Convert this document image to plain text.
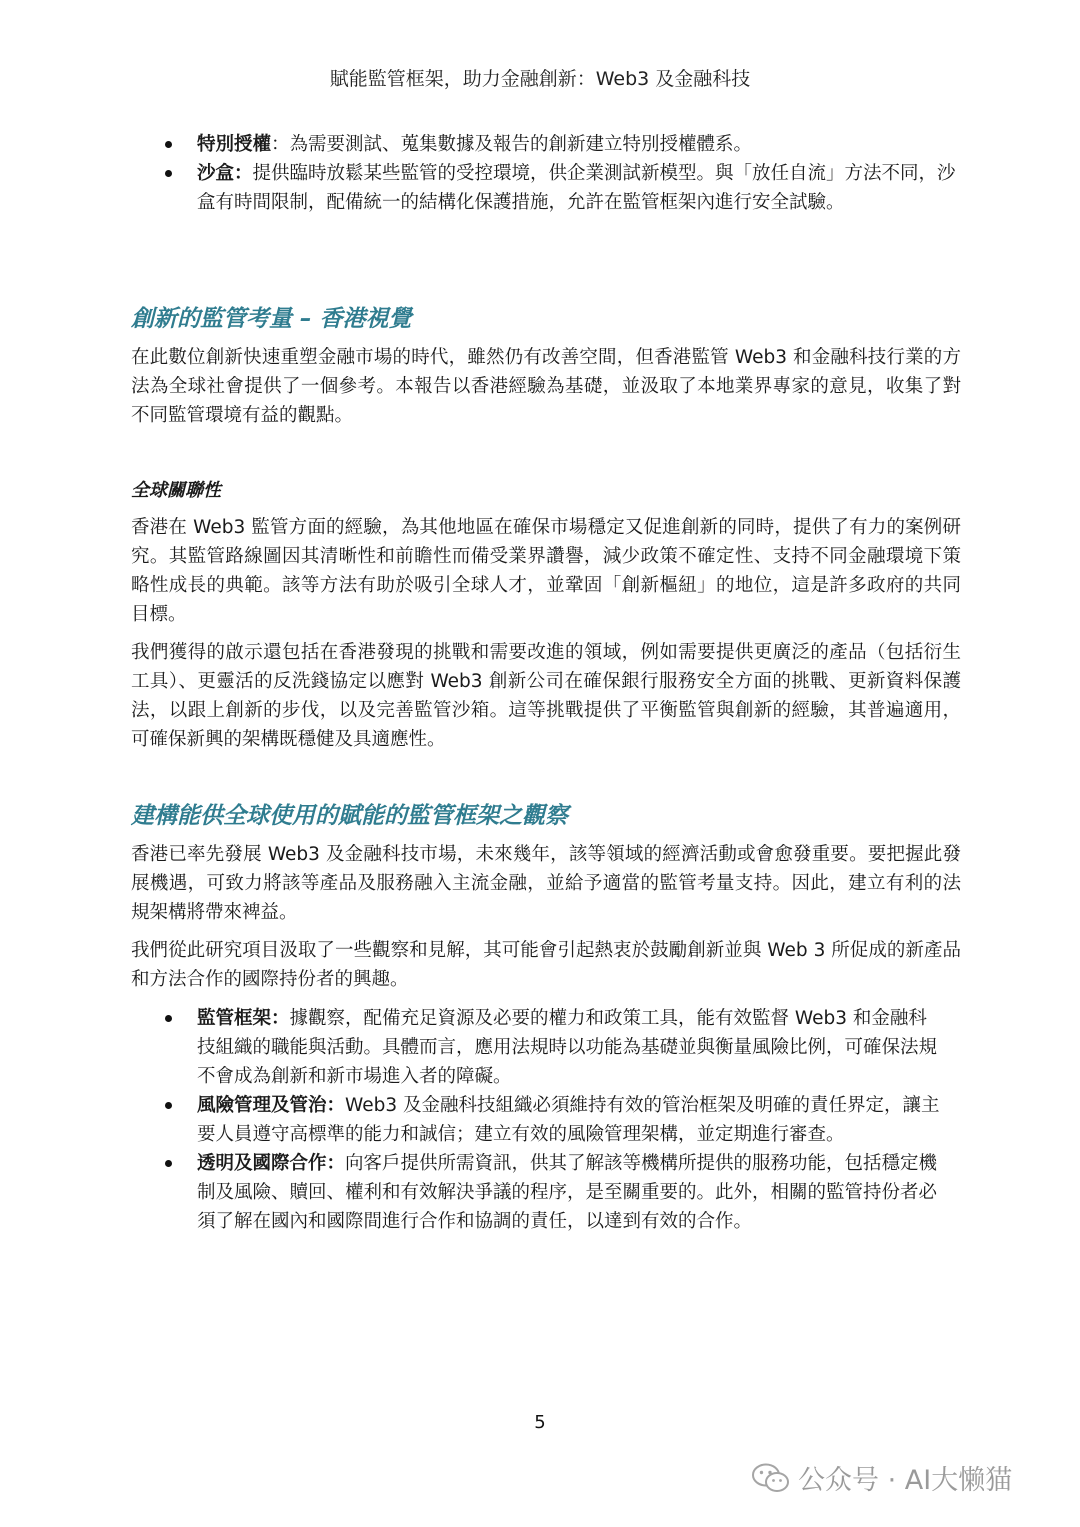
賦能監管框架，助力金融創新：Web3 及金融科技
特別授權：為需要測試、蒐集數據及報告的創新建立特別授權體系。
沙盒：提供臨時放鬆某些監管的受控環境，供企業測試新模型。與「放任自流」方法不同，沙盒有時間限制，配備統一的結構化保護措施，允許在監管框架內進行安全試驗。
創新的監管考量 – 香港視覺

在此數位創新快速重塑金融市場的時代，雖然仍有改善空間，但香港監管 Web3 和金融科技行業的方法為全球社會提供了一個參考。本報告以香港經驗為基礎，並汲取了本地業界專家的意見，收集了對不同監管環境有益的觀點。

全球關聯性

香港在 Web3 監管方面的經驗，為其他地區在確保市場穩定又促進創新的同時，提供了有力的案例研究。其監管路線圖因其清晰性和前瞻性而備受業界讚譽，減少政策不確定性、支持不同金融環境下策略性成長的典範。該等方法有助於吸引全球人才，並鞏固「創新樞紐」的地位，這是許多政府的共同目標。

我們獲得的啟示還包括在香港發現的挑戰和需要改進的領域，例如需要提供更廣泛的產品（包括衍生工具）、更靈活的反洗錢協定以應對 Web3 創新公司在確保銀行服務安全方面的挑戰、更新資料保護法，以跟上創新的步伐，以及完善監管沙箱。這等挑戰提供了平衡監管與創新的經驗，其普遍適用，可確保新興的架構既穩健及具適應性。

建構能供全球使用的賦能的監管框架之觀察

香港已率先發展 Web3 及金融科技市場，未來幾年，該等領域的經濟活動或會愈發重要。要把握此發展機遇，可致力將該等產品及服務融入主流金融，並給予適當的監管考量支持。因此，建立有利的法規架構將帶來裨益。

我們從此研究項目汲取了一些觀察和見解，其可能會引起熱衷於鼓勵創新並與 Web 3 所促成的新產品和方法合作的國際持份者的興趣。

監管框架：據觀察，配備充足資源及必要的權力和政策工具，能有效監督 Web3 和金融科技組織的職能與活動。具體而言，應用法規時以功能為基礎並與衡量風險比例，可確保法規不會成為創新和新市場進入者的障礙。
風險管理及管治：Web3 及金融科技組織必須維持有效的管治框架及明確的責任界定，讓主要人員遵守高標準的能力和誠信；建立有效的風險管理架構，並定期進行審查。
透明及國際合作：向客戶提供所需資訊，供其了解該等機構所提供的服務功能，包括穩定機制及風險、贖回、權利和有效解決爭議的程序，是至關重要的。此外，相關的監管持份者必須了解在國內和國際間進行合作和協調的責任，以達到有效的合作。
5
公众号 · AI大懒猫
